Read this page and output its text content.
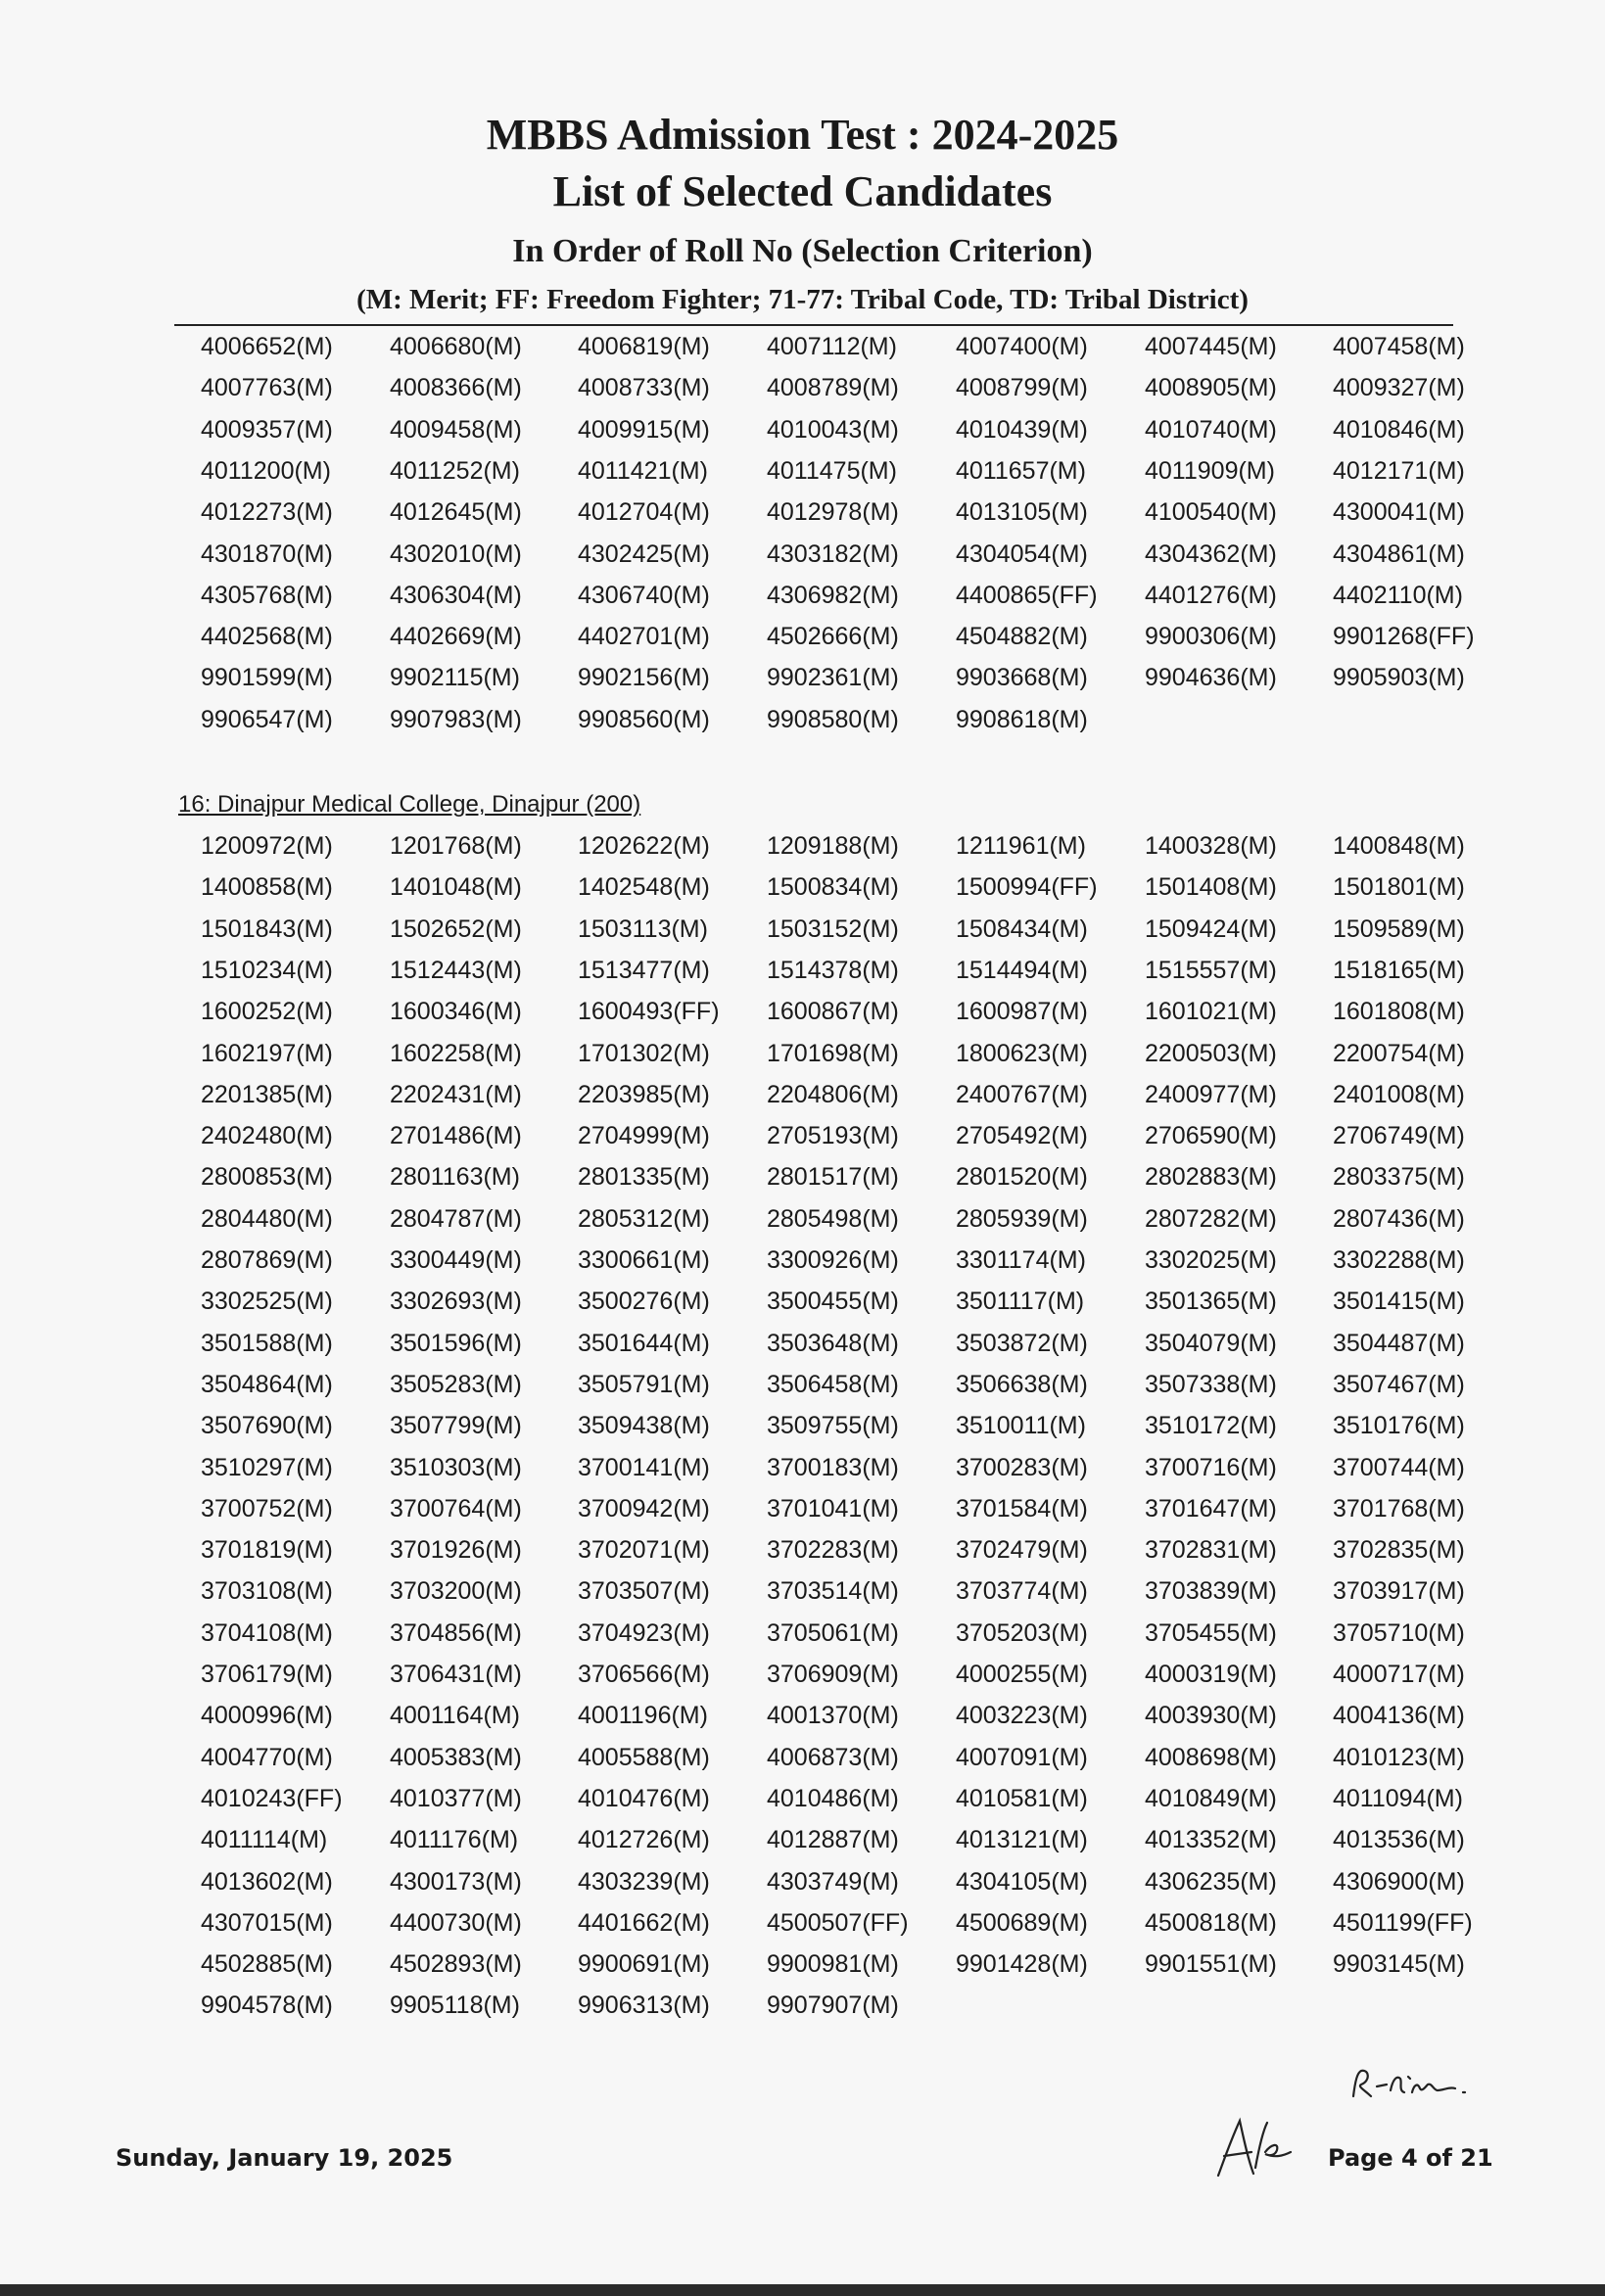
MBBS Admission Test : 2024-2025
List of Selected Candidates
In Order of Roll No (Selection Criterion)
(M: Merit; FF: Freedom Fighter; 71-77: Tribal Code, TD: Tribal District)
4006652(M) 4006680(M) 4006819(M) 4007112(M) 4007400(M) 4007445(M) 4007458(M)
4007763(M) 4008366(M) 4008733(M) 4008789(M) 4008799(M) 4008905(M) 4009327(M)
4009357(M) 4009458(M) 4009915(M) 4010043(M) 4010439(M) 4010740(M) 4010846(M)
4011200(M) 4011252(M) 4011421(M) 4011475(M) 4011657(M) 4011909(M) 4012171(M)
4012273(M) 4012645(M) 4012704(M) 4012978(M) 4013105(M) 4100540(M) 4300041(M)
4301870(M) 4302010(M) 4302425(M) 4303182(M) 4304054(M) 4304362(M) 4304861(M)
4305768(M) 4306304(M) 4306740(M) 4306982(M) 4400865(FF) 4401276(M) 4402110(M)
4402568(M) 4402669(M) 4402701(M) 4502666(M) 4504882(M) 9900306(M) 9901268(FF)
9901599(M) 9902115(M) 9902156(M) 9902361(M) 9903668(M) 9904636(M) 9905903(M)
9906547(M) 9907983(M) 9908560(M) 9908580(M) 9908618(M)
16: Dinajpur Medical College, Dinajpur (200)
1200972(M) 1201768(M) 1202622(M) 1209188(M) 1211961(M) 1400328(M) 1400848(M)
1400858(M) 1401048(M) 1402548(M) 1500834(M) 1500994(FF) 1501408(M) 1501801(M)
1501843(M) 1502652(M) 1503113(M) 1503152(M) 1508434(M) 1509424(M) 1509589(M)
1510234(M) 1512443(M) 1513477(M) 1514378(M) 1514494(M) 1515557(M) 1518165(M)
1600252(M) 1600346(M) 1600493(FF) 1600867(M) 1600987(M) 1601021(M) 1601808(M)
1602197(M) 1602258(M) 1701302(M) 1701698(M) 1800623(M) 2200503(M) 2200754(M)
2201385(M) 2202431(M) 2203985(M) 2204806(M) 2400767(M) 2400977(M) 2401008(M)
2402480(M) 2701486(M) 2704999(M) 2705193(M) 2705492(M) 2706590(M) 2706749(M)
2800853(M) 2801163(M) 2801335(M) 2801517(M) 2801520(M) 2802883(M) 2803375(M)
2804480(M) 2804787(M) 2805312(M) 2805498(M) 2805939(M) 2807282(M) 2807436(M)
2807869(M) 3300449(M) 3300661(M) 3300926(M) 3301174(M) 3302025(M) 3302288(M)
3302525(M) 3302693(M) 3500276(M) 3500455(M) 3501117(M) 3501365(M) 3501415(M)
3501588(M) 3501596(M) 3501644(M) 3503648(M) 3503872(M) 3504079(M) 3504487(M)
3504864(M) 3505283(M) 3505791(M) 3506458(M) 3506638(M) 3507338(M) 3507467(M)
3507690(M) 3507799(M) 3509438(M) 3509755(M) 3510011(M) 3510172(M) 3510176(M)
3510297(M) 3510303(M) 3700141(M) 3700183(M) 3700283(M) 3700716(M) 3700744(M)
3700752(M) 3700764(M) 3700942(M) 3701041(M) 3701584(M) 3701647(M) 3701768(M)
3701819(M) 3701926(M) 3702071(M) 3702283(M) 3702479(M) 3702831(M) 3702835(M)
3703108(M) 3703200(M) 3703507(M) 3703514(M) 3703774(M) 3703839(M) 3703917(M)
3704108(M) 3704856(M) 3704923(M) 3705061(M) 3705203(M) 3705455(M) 3705710(M)
3706179(M) 3706431(M) 3706566(M) 3706909(M) 4000255(M) 4000319(M) 4000717(M)
4000996(M) 4001164(M) 4001196(M) 4001370(M) 4003223(M) 4003930(M) 4004136(M)
4004770(M) 4005383(M) 4005588(M) 4006873(M) 4007091(M) 4008698(M) 4010123(M)
4010243(FF) 4010377(M) 4010476(M) 4010486(M) 4010581(M) 4010849(M) 4011094(M)
4011114(M)	4011176(M) 4012726(M) 4012887(M) 4013121(M) 4013352(M) 4013536(M)
4013602(M) 4300173(M) 4303239(M) 4303749(M) 4304105(M) 4306235(M) 4306900(M)
4307015(M) 4400730(M) 4401662(M) 4500507(FF) 4500689(M) 4500818(M) 4501199(FF)
4502885(M) 4502893(M) 9900691(M) 9900981(M) 9901428(M) 9901551(M) 9903145(M)
9904578(M) 9905118(M) 9906313(M) 9907907(M)
Sunday, January 19, 2025	Page 4 of 21
